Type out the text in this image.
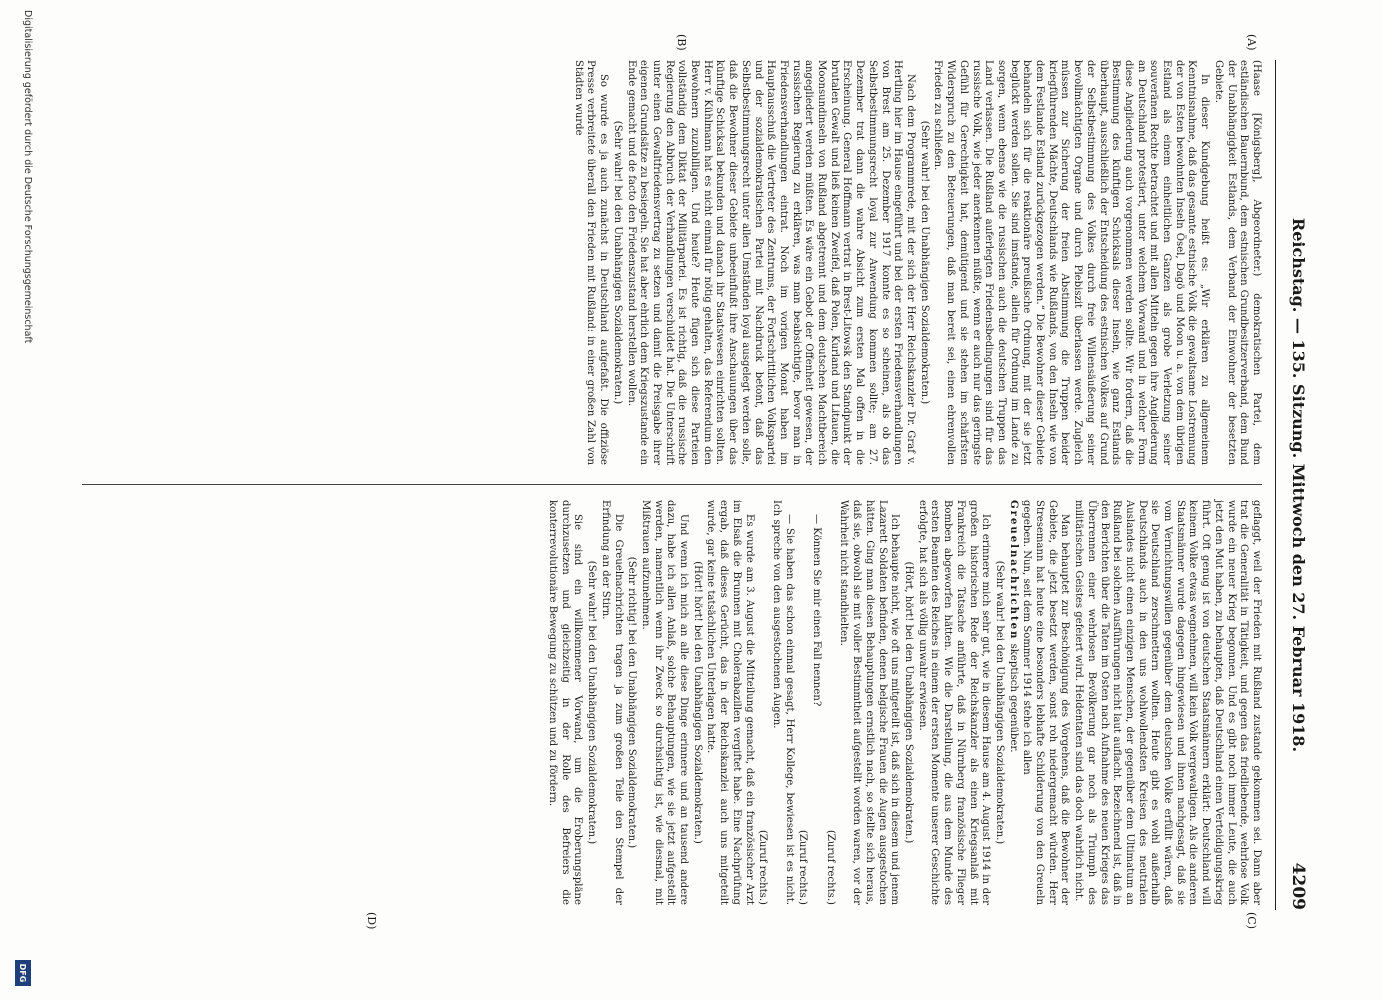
Reichstag. — 135. Sitzung. Mittwoch den 27. Februar 1918.
4209
(A)
(B)
(C)
(D)

(Haase [Königsberg], Abgeordneter.) demokratischen Partei, dem estländischen Bauernbund, dem estnischen Grundbesitzerverband, dem Bund der Unabhängigkeit Estlands, dem Verband der Einwohner der besetzten Gebiete.

In dieser Kundgebung heißt es: „Wir erklären zu allgemeinem Kenntnisnahme, daß das gesamte estnische Volk die gewaltsame Lostrennung der von Esten bewohnten Inseln Ösel, Dagö und Moon u. a. von dem übrigen Estland als einem einheitlichen Ganzen als grobe Verletzung seiner souveränen Rechte betrachtet und mit allen Mitteln gegen ihre Angliederung an Deutschland protestiert, unter welchem Vorwand und in welcher Form diese Angliederung auch vorgenommen werden sollte. Wir fordern, daß die Bestimmung des künftigen Schicksals dieser Inseln, wie ganz Estlands überhaupt, ausschließlich der Entscheidung des estnischen Volkes auf Grund der Selbstbestimmung des Volkes durch freie Willensäußerung seiner bevollmächtigten Organe und durch Plebiszit überlassen werde. Zugleich müssen zur Sicherung der freien Abstimmung die Truppen beider kriegführenden Mächte, Deutschlands wie Rußlands, von den Inseln wie von dem Festlande Estland zurückgezogen werden.“ Die Bewohner dieser Gebiete behandeln sich für die reaktionäre preußische Ordnung, mit der sie jetzt beglückt werden sollen. Sie sind imstande, allein für Ordnung im Lande zu sorgen, wenn ebenso wie die russischen auch die deutschen Truppen das Land verlassen. Die Rußland auferlegten Friedensbedingungen sind für das russische Volk, wie jeder anerkennen müßte, wenn er auch nur das geringste Gefühl für Gerechtigkeit hat, demütigend und sie stehen im schärfsten Widerspruch zu den Beteuerungen, daß man bereit sei, einen ehrenvollen Frieden zu schließen.

(Sehr wahr! bei den Unabhängigen Sozialdemokraten.)

Nach dem Programmrede, mit der sich der Herr Reichskanzler Dr. Graf v. Hertling hier im Hause eingeführt und bei der ersten Friedensverhandlungen von Brest am 25. Dezember 1917 konnte es so scheinen, als ob das Selbstbestimmungsrecht loyal zur Anwendung kommen sollte; am 27. Dezember trat dann die wahre Absicht zum ersten Mal offen in die Erscheinung. General Hoffmann vertrat in Brest-Litowsk den Standpunkt der brutalen Gewalt und ließ keinen Zweifel, daß Polen, Kurland und Litauen, die Moonsundinseln von Rußland abgetrennt und dem deutschen Machtbereich angegliedert werden müßten. Es wäre ein Gebot der Offenheit gewesen, der russischen Regierung zu erklären, was man beabsichtigte, bevor man in Friedensverhandlungen eintrat. Noch im vorigen Monat haben im Hauptausschuß die Vertreter des Zentrums, der Fortschrittlichen Volkspartei und der sozialdemokratischen Partei mit Nachdruck betont, daß das Selbstbestimmungsrecht unter allen Umständen loyal ausgelegt werden solle, daß die Bewohner dieser Gebiete unbeeinflußt ihre Anschauungen über das künftige Schicksal bekunden und danach ihr Staatswesen einrichten sollten. Herr v. Kühlmann hat es nicht einmal für nötig gehalten, das Referendum den Bewohnern zuzubilligen. Und heute? Heute fügen sich diese Parteien vollständig dem Diktat der Militärpartei. Es ist richtig, daß die russische Regierung den Abbruch der Verhandlungen verschuldet hat. Die Unterschrift unter einen Gewaltfriedensvertrag zu setzen und damit die Preisgabe ihrer eigenen Grundsätze zu besiegeln. Sie hat aber ehrlich dem Kriegszustande ein Ende gemacht und de facto den Friedenszustand herstellen wollen.

(Sehr wahr! bei den Unabhängigen Sozialdemokraten.)

So wurde es ja auch zunächst in Deutschland aufgefaßt. Die offiziöse Presse verbreitete überall den Frieden mit Rußland: in einer großen Zahl von Städten wurde

geflaggt, weil der Frieden mit Rußland zustande gekommen sei. Dann aber trat die Generalität in Tätigkeit, und gegen das friedliebende, wehrlose Volk wurde ein neuer Krieg begonnen. Und es gibt noch immer Leute, die auch jetzt den Mut haben, zu behaupten, daß Deutschland einen Verteidigungskrieg führt. Oft genug ist von deutschen Staatsmännern erklärt: Deutschland will keinem Volke etwas wegnehmen, will kein Volk vergewaltigen. Als die anderen Staatsmänner wurde dagegen hingewiesen und ihnen nachgesagt, daß sie vom Vernichtungswillen gegenüber dem deutschen Volke erfüllt wären, daß sie Deutschland zerschmettern wollten. Heute gibt es wohl außerhalb Deutschlands auch in den uns wohlwollendsten Kreisen des neutralen Auslandes nicht einen einzigen Menschen, der gegenüber dem Ultimatum an Rußland bei solchen Ausführungen nicht laut auflacht. Bezeichnend ist, daß in den Berichten über die Taten im Osten nach Aufnahme des neuen Krieges das Überrennen einer wehrlosen Bevölkerung gar noch als Triumph des militärischen Geistes gefeiert wird. Heldentaten sind das doch wahrlich nicht.

Man behauptet zur Beschönigung des Vorgehens, daß die Bewohner der Gebiete, die jetzt besetzt werden, sonst roh niedergemacht würden. Herr Stresemann hat heute eine besonders lebhafte Schilderung von den Greueln gegeben. Nun, seit dem Sommer 1914 stehe ich allen

Greuelnachrichten skeptisch gegenüber.

(Sehr wahr! bei den Unabhängigen Sozialdemokraten.)

Ich erinnere mich sehr gut, wie in diesem Hause am 4. August 1914 in der großen historischen Rede der Reichskanzler als einen Kriegsanlaß mit Frankreich die Tatsache anführte, daß in Nürnberg französische Flieger Bomben abgeworfen hätten. Wie die Darstellung, die aus dem Munde des ersten Beamten des Reiches in einem der ersten Momente unserer Geschichte erfolgte, hat sich als völlig unwahr erwiesen.

(Hört, hört! bei den Unabhängigen Sozialdemokraten.)

Ich behaupte nicht, wie oft uns mitgeteilt ist, daß sich in diesem und jenem Lazarett Soldaten befinden, denen belgische Frauen die Augen ausgestochen hätten. Ging man diesen Behauptungen ernstlich nach, so stellte sich heraus, daß sie, obwohl sie mit voller Bestimmtheit aufgestellt worden waren, vor der Wahrheit nicht standhielten.

(Zuruf rechts.)

— Können Sie mir einen Fall nennen?

(Zuruf rechts.)

— Sie haben das schon einmal gesagt, Herr Kollege, bewiesen ist es nicht. Ich spreche von den ausgestochenen Augen.

(Zuruf rechts.)

Es wurde am 3. August die Mitteilung gemacht, daß ein französischer Arzt im Elsaß die Brunnen mit Cholerabazillen vergiftet habe. Eine Nachprüfung ergab, daß dieses Gerücht, das in der Reichskanzlei auch uns mitgeteilt wurde, gar keine tatsächlichen Unterlagen hatte.

(Hört! hört! bei den Unabhängigen Sozialdemokraten.)

Und wenn ich mich an alle diese Dinge erinnere und an tausend andere dazu, habe ich allen Anlaß, solche Behauptungen, wie sie jetzt aufgestellt werden, namentlich wenn ihr Zweck so durchsichtig ist, wie diesmal, mit Mißtrauen aufzunehmen.

(Sehr richtig! bei den Unabhängigen Sozialdemokraten.)

Die Greuelnachrichten tragen ja zum großen Teile den Stempel der Erfindung an der Stirn.

(Sehr wahr! bei den Unabhängigen Sozialdemokraten.)

Sie sind ein willkommener Vorwand, um die Eroberungspläne durchzusetzen und gleichzeitig in der Rolle des Befreiers die konterrevolutionäre Bewegung zu schützen und zu fördern.

Digitalisierung gefördert durch die Deutsche Forschungsgemeinschaft
DFG
